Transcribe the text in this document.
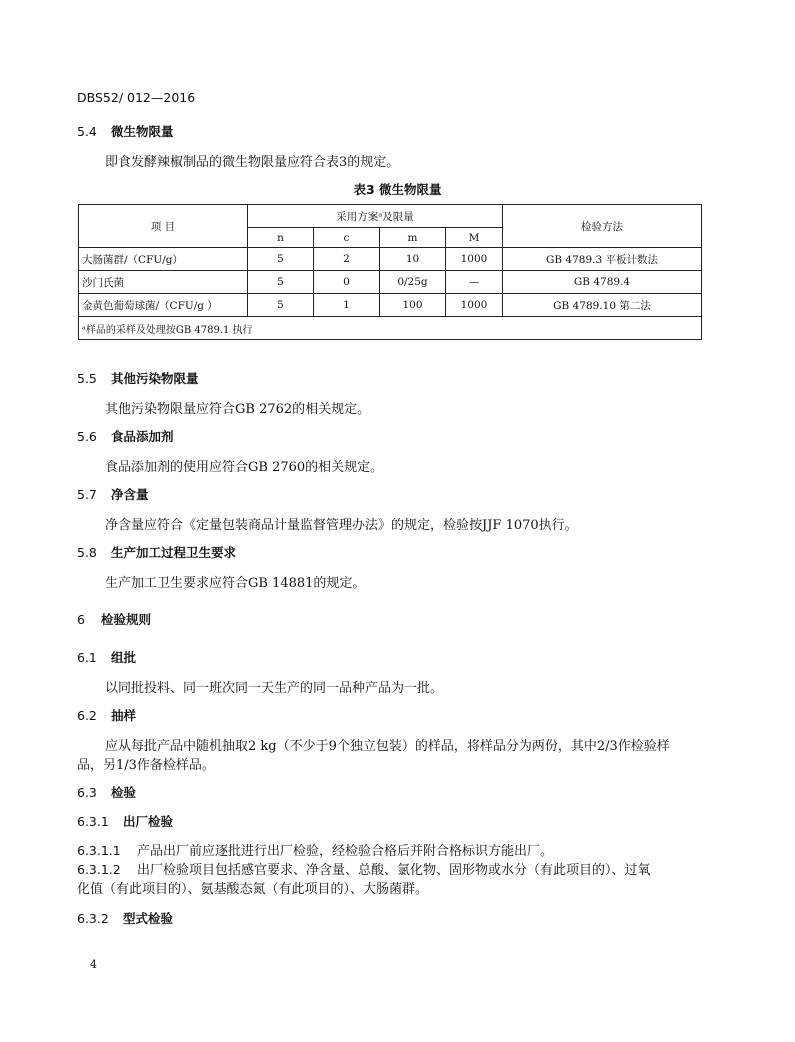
DBS52/ 012—2016
5.4 微生物限量
即食发酵辣椒制品的微生物限量应符合表3的规定。
表3 微生物限量
项 目	采用方案ᵃ及限量				检验方法
	n	c	m	M	
大肠菌群/（CFU/g）	5	2	10	1000	GB 4789.3 平板计数法
沙门氏菌	5	0	0/25g	—	GB 4789.4
金黄色葡萄球菌/（CFU/g ）	5	1	100	1000	GB 4789.10 第二法
ᵃ样品的采样及处理按GB 4789.1 执行					
5.5 其他污染物限量
其他污染物限量应符合GB 2762的相关规定。
5.6 食品添加剂
食品添加剂的使用应符合GB 2760的相关规定。
5.7 净含量
净含量应符合《定量包装商品计量监督管理办法》的规定，检验按JJF 1070执行。
5.8 生产加工过程卫生要求
生产加工卫生要求应符合GB 14881的规定。
6 检验规则
6.1 组批
以同批投料、同一班次同一天生产的同一品种产品为一批。
6.2 抽样
应从每批产品中随机抽取2 kg（不少于9个独立包装）的样品，将样品分为两份，其中2/3作检验样
品，另1/3作备检样品。
6.3 检验
6.3.1 出厂检验
6.3.1.1 产品出厂前应逐批进行出厂检验，经检验合格后并附合格标识方能出厂。
6.3.1.2 出厂检验项目包括感官要求、净含量、总酸、氯化物、固形物或水分（有此项目的）、过氧
化值（有此项目的）、氨基酸态氮（有此项目的）、大肠菌群。
6.3.2 型式检验
4
